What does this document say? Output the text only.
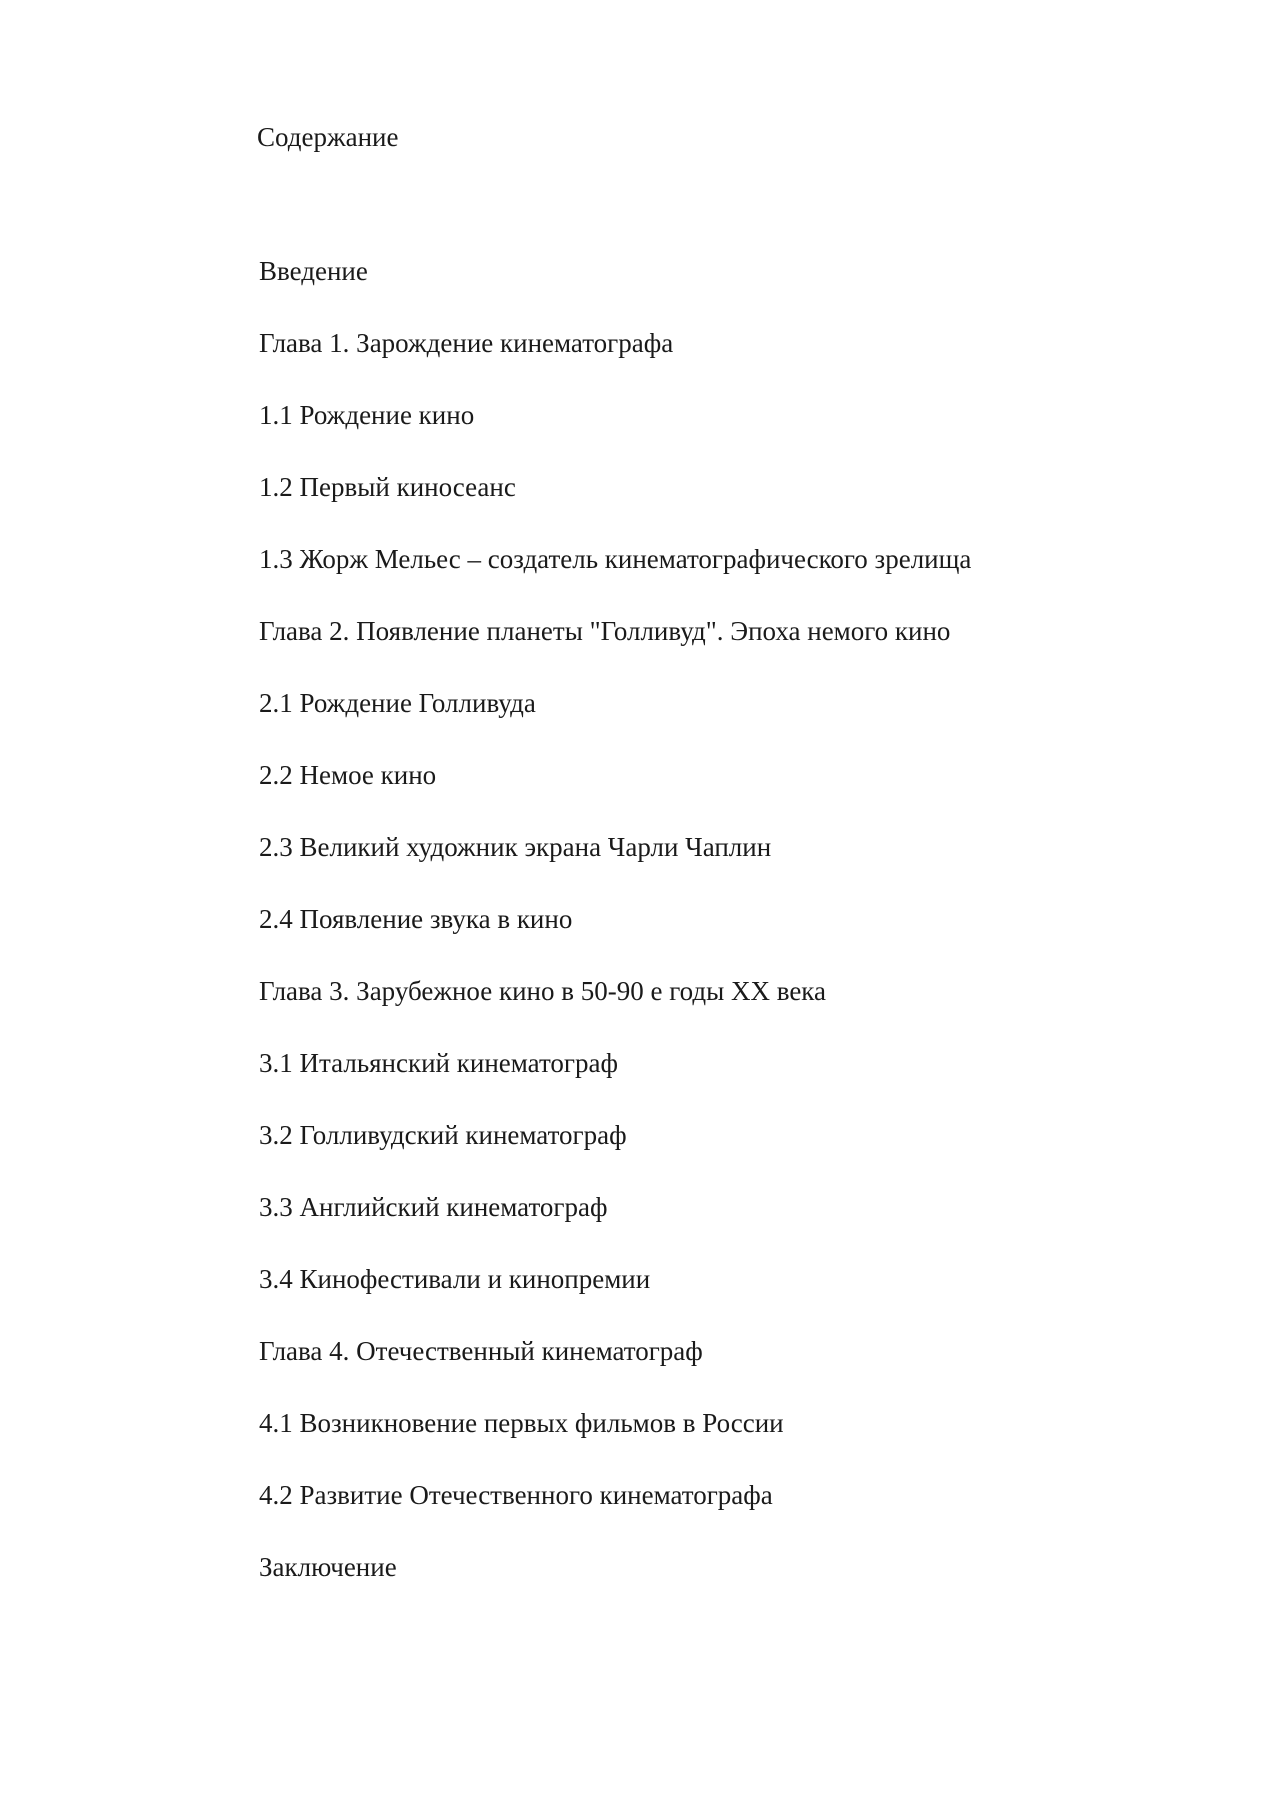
Содержание
Введение
Глава 1. Зарождение кинематографа
1.1 Рождение кино
1.2 Первый киносеанс
1.3 Жорж Мельес – создатель кинематографического зрелища
Глава 2. Появление планеты "Голливуд". Эпоха немого кино
2.1 Рождение Голливуда
2.2 Немое кино
2.3 Великий художник экрана Чарли Чаплин
2.4 Появление звука в кино
Глава 3. Зарубежное кино в 50-90 е годы XX века
3.1 Итальянский кинематограф
3.2 Голливудский кинематограф
3.3 Английский кинематограф
3.4 Кинофестивали и кинопремии
Глава 4. Отечественный кинематограф
4.1 Возникновение первых фильмов в России
4.2 Развитие Отечественного кинематографа
Заключение
